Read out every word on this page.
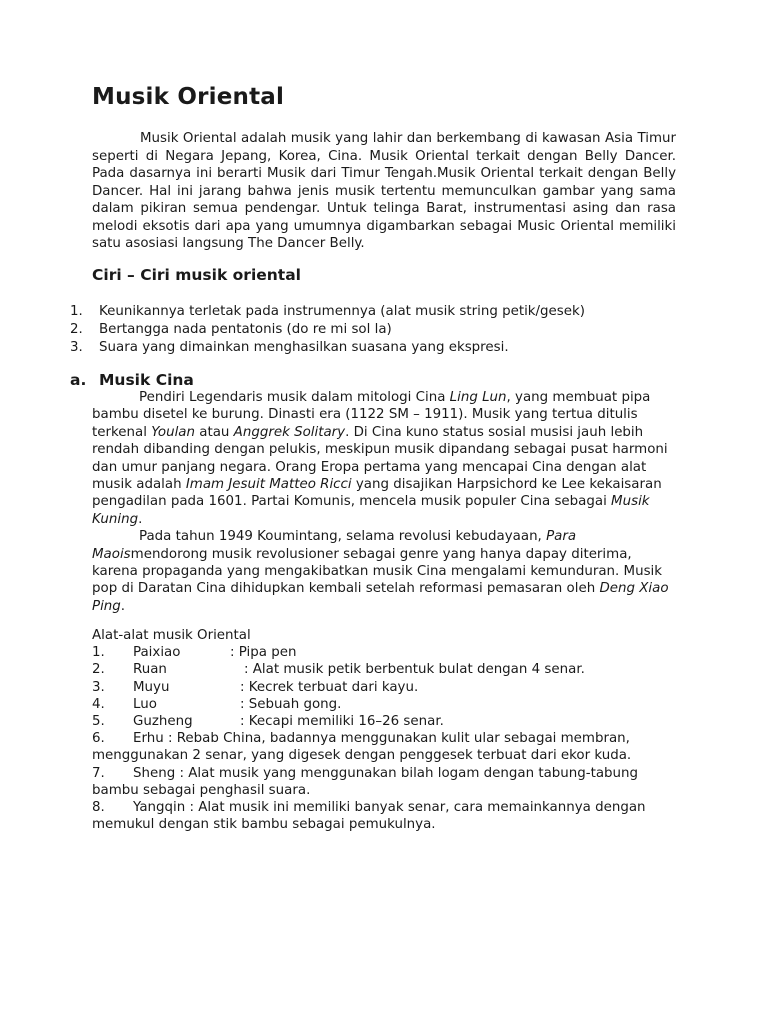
Musik Oriental

Musik Oriental adalah musik yang lahir dan berkembang di kawasan Asia Timur seperti di Negara Jepang, Korea, Cina. Musik Oriental terkait dengan Belly Dancer. Pada dasarnya ini berarti Musik dari Timur Tengah.Musik Oriental terkait dengan Belly Dancer. Hal ini jarang bahwa jenis musik tertentu memunculkan gambar yang sama dalam pikiran semua pendengar. Untuk telinga Barat, instrumentasi asing dan rasa melodi eksotis dari apa yang umumnya digambarkan sebagai Music Oriental memiliki satu asosiasi langsung The Dancer Belly.

Ciri – Ciri musik oriental
1. Keunikannya terletak pada instrumennya (alat musik string petik/gesek)
2. Bertangga nada pentatonis (do re mi sol la)
3. Suara yang dimainkan menghasilkan suasana yang ekspresi.
a. Musik Cina

Pendiri Legendaris musik dalam mitologi Cina Ling Lun, yang membuat pipa bambu disetel ke burung. Dinasti era (1122 SM – 1911). Musik yang tertua ditulis terkenal Youlan atau Anggrek Solitary. Di Cina kuno status sosial musisi jauh lebih rendah dibanding dengan pelukis, meskipun musik dipandang sebagai pusat harmoni dan umur panjang negara. Orang Eropa pertama yang mencapai Cina dengan alat musik adalah Imam Jesuit Matteo Ricci yang disajikan Harpsichord ke Lee kekaisaran pengadilan pada 1601. Partai Komunis, mencela musik populer Cina sebagai Musik Kuning.

Pada tahun 1949 Koumintang, selama revolusi kebudayaan, Para Maoismendorong musik revolusioner sebagai genre yang hanya dapay diterima, karena propaganda yang mengakibatkan musik Cina mengalami kemunduran. Musik pop di Daratan Cina dihidupkan kembali setelah reformasi pemasaran oleh Deng Xiao Ping.

Alat-alat musik Oriental
1. Paixiao	: Pipa pen
2. Ruan	: Alat musik petik berbentuk bulat dengan 4 senar.
3. Muyu	: Kecrek terbuat dari kayu.
4. Luo	: Sebuah gong.
5. Guzheng	: Kecapi memiliki 16–26 senar.
6. Erhu : Rebab China, badannya menggunakan kulit ular sebagai membran, menggunakan 2 senar, yang digesek dengan penggesek terbuat dari ekor kuda.
7. Sheng : Alat musik yang menggunakan bilah logam dengan tabung-tabung bambu sebagai penghasil suara.
8. Yangqin : Alat musik ini memiliki banyak senar, cara memainkannya dengan memukul dengan stik bambu sebagai pemukulnya.
